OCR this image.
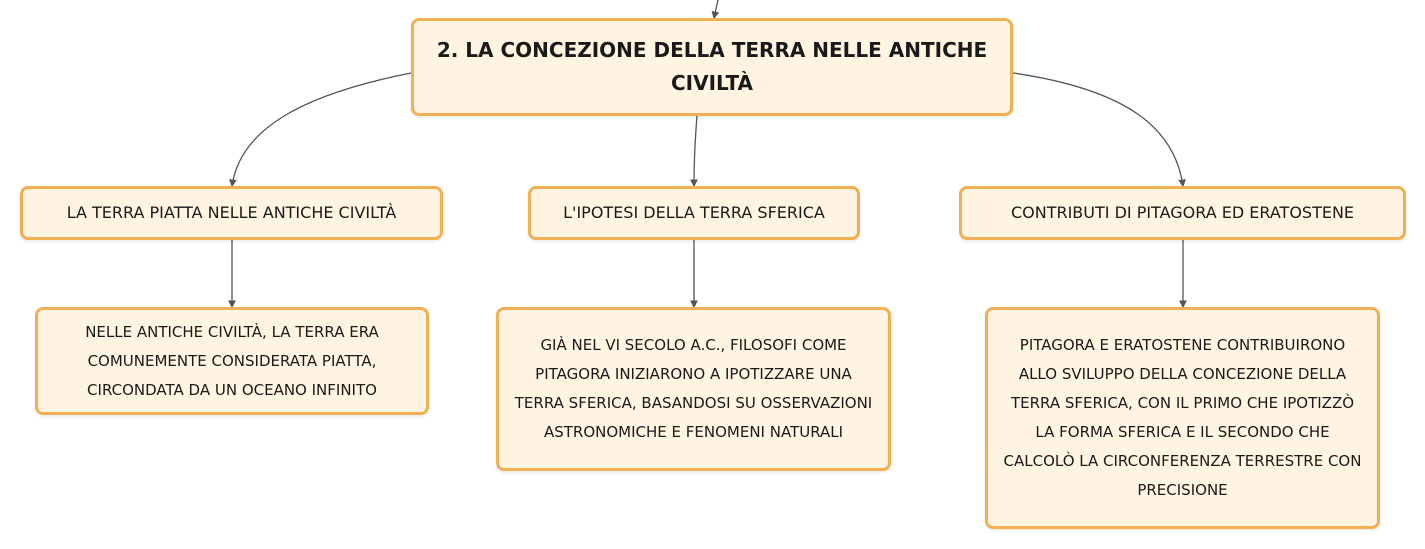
2. LA CONCEZIONE DELLA TERRA NELLE ANTICHE CIVILTÀ
LA TERRA PIATTA NELLE ANTICHE CIVILTÀ	L'IPOTESI DELLA TERRA SFERICA	CONTRIBUTI DI PITAGORA ED ERATOSTENE
NELLE ANTICHE CIVILTÀ, LA TERRA ERA COMUNEMENTE CONSIDERATA PIATTA, CIRCONDATA DA UN OCEANO INFINITO
GIÀ NEL VI SECOLO A.C., FILOSOFI COME PITAGORA INIZIARONO A IPOTIZZARE UNA TERRA SFERICA, BASANDOSI SU OSSERVAZIONI ASTRONOMICHE E FENOMENI NATURALI
PITAGORA E ERATOSTENE CONTRIBUIRONO ALLO SVILUPPO DELLA CONCEZIONE DELLA TERRA SFERICA, CON IL PRIMO CHE IPOTIZZÒ LA FORMA SFERICA E IL SECONDO CHE CALCOLÒ LA CIRCONFERENZA TERRESTRE CON PRECISIONE
